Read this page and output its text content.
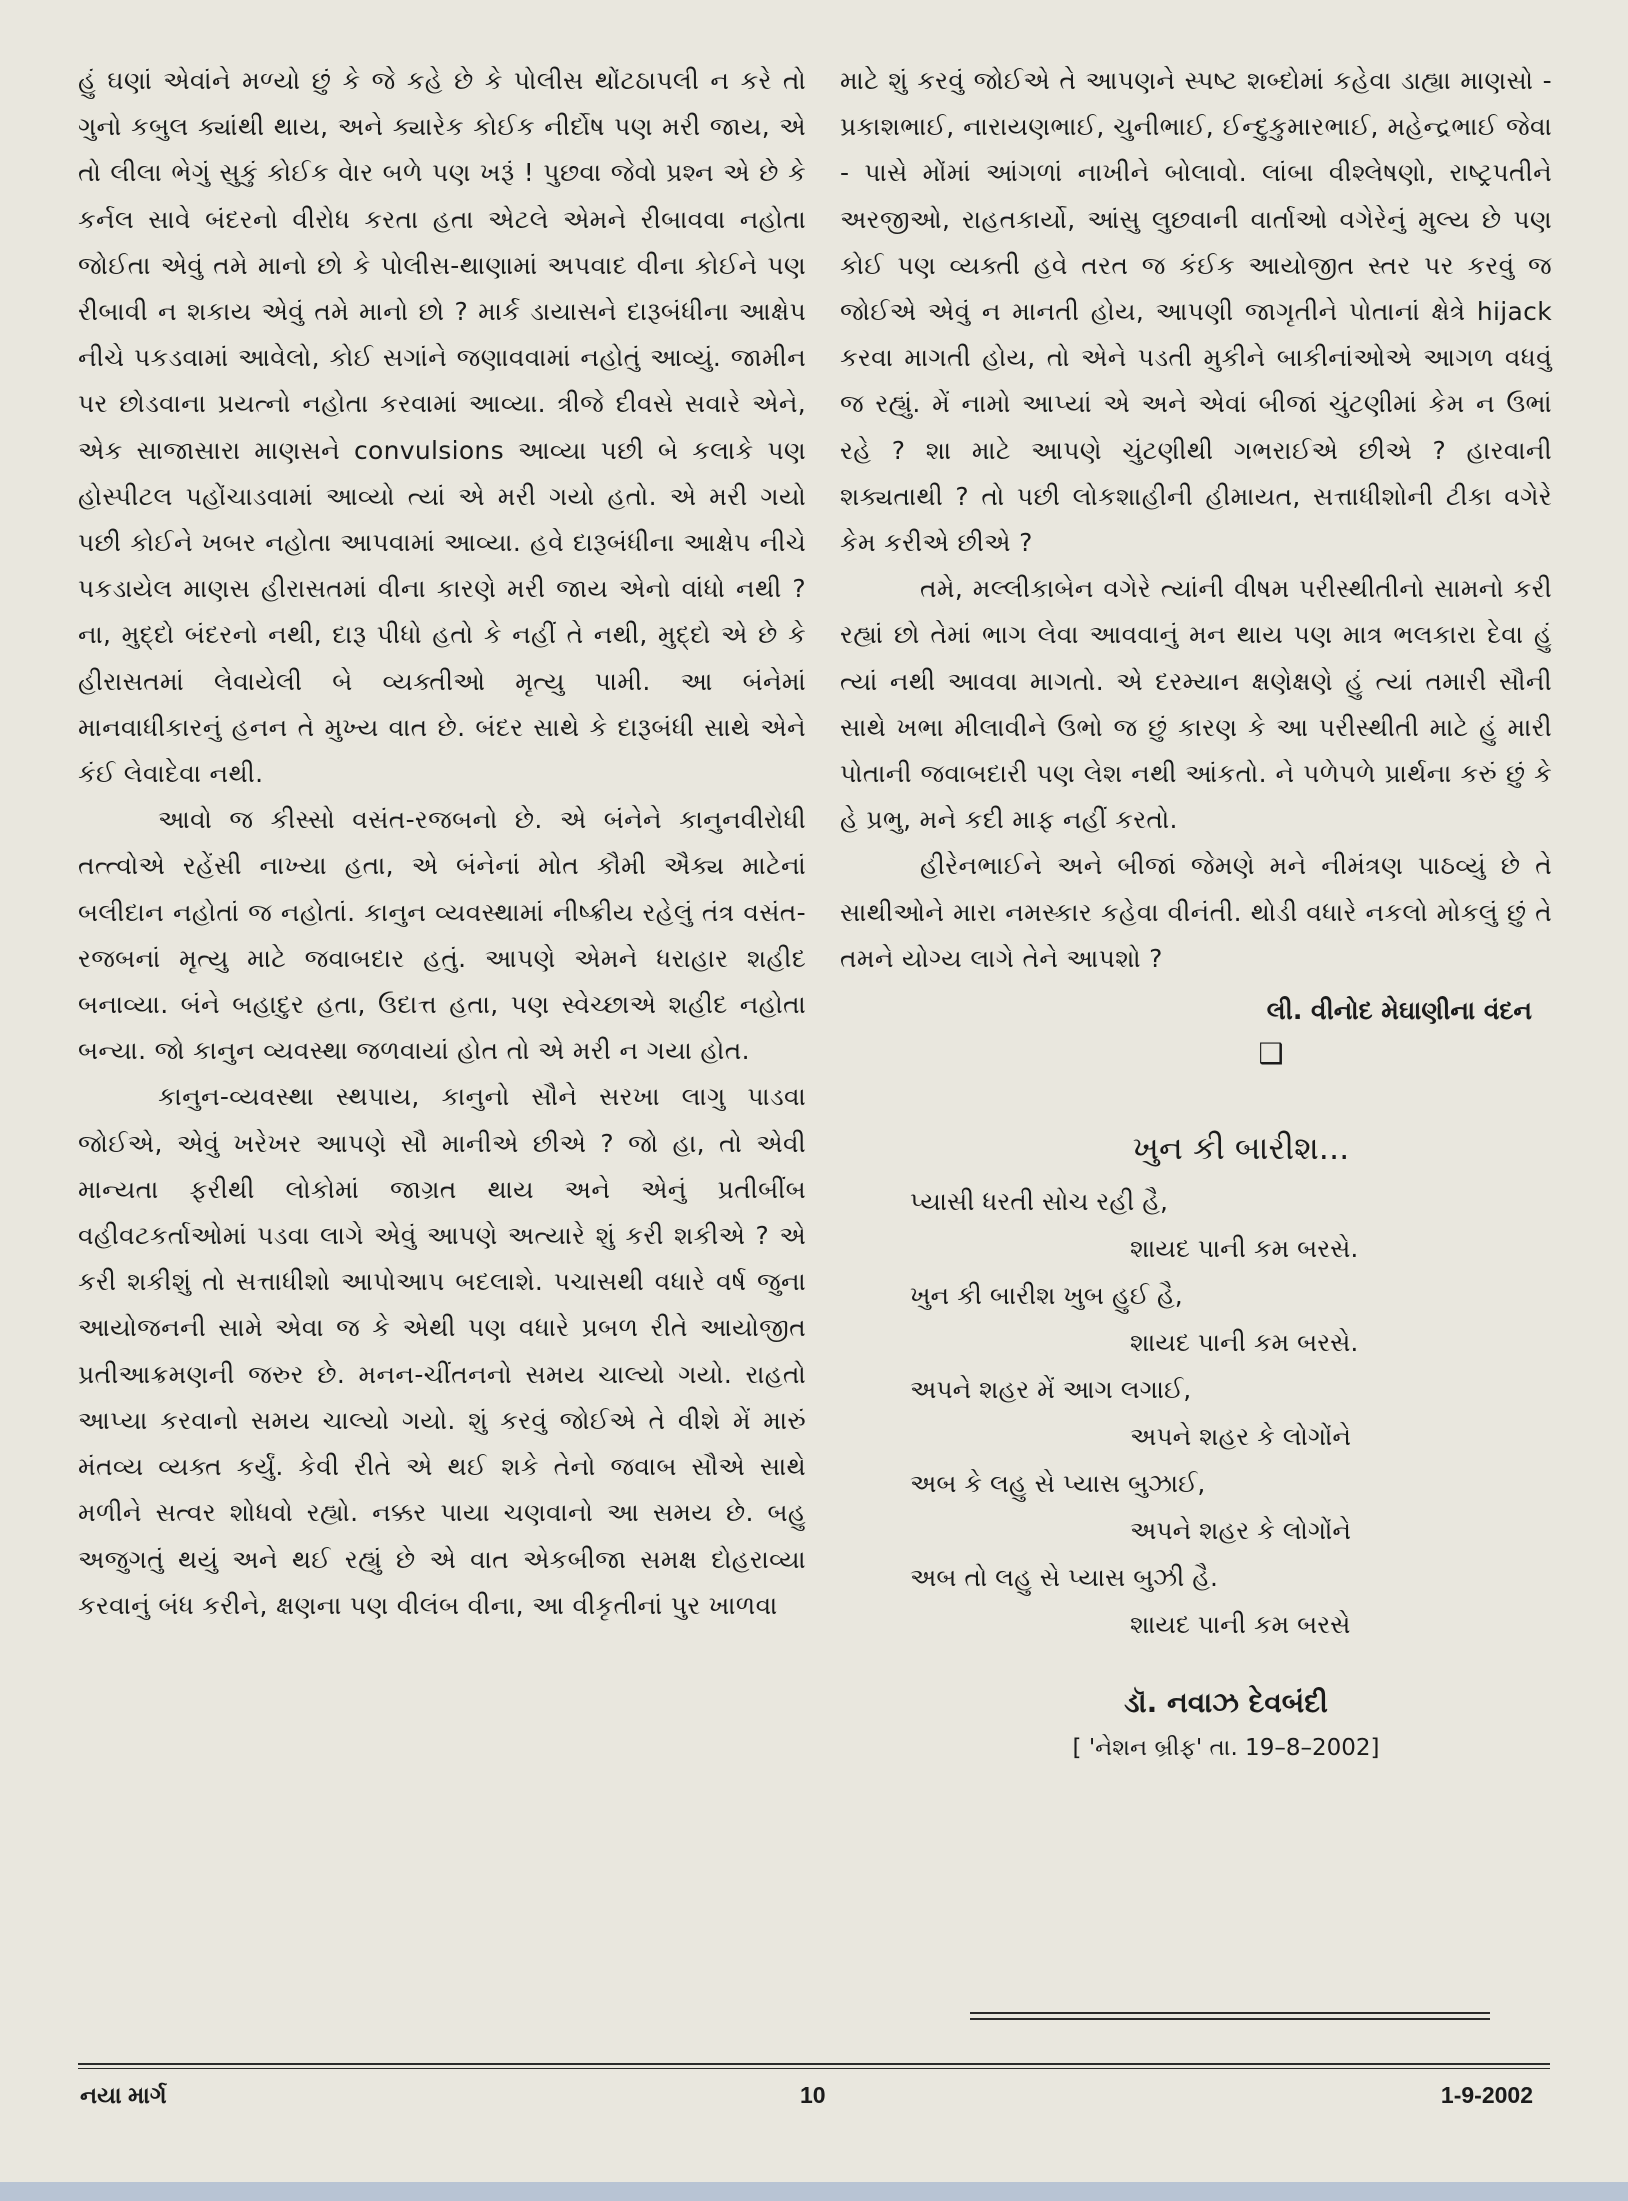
હું ઘણાં એવાંને મળ્યો છું કે જે કહે છે કે પોલીસ થોંટઠાપલી ન કરે તો ગુનો કબુલ ક્યાંથી થાય, અને ક્યારેક કોઈક નીર્દોષ પણ મરી જાય, એ તો લીલા ભેગું સુકું કોઈક વેાર બળે પણ ખરૂં ! પુછવા જેવો પ્રશ્ન એ છે કે કર્નલ સાવે બંદરનો વીરોધ કરતા હતા એટલે એમને રીબાવવા નહોતા જોઈતા એવું તમે માનો છો કે પોલીસ-થાણામાં અપવાદ વીના કોઈને પણ રીબાવી ન શકાય એવું તમે માનો છો ? માર્ક ડાયાસને દારૂબંધીના આક્ષેપ નીચે પકડવામાં આવેલો, કોઈ સગાંને જણાવવામાં નહોતું આવ્યું. જામીન પર છોડવાના પ્રયત્નો નહોતા કરવામાં આવ્યા. ત્રીજે દીવસે સવારે એને, એક સાજાસારા માણસને convulsions આવ્યા પછી બે કલાકે પણ હોસ્પીટલ પહોંચાડવામાં આવ્યો ત્યાં એ મરી ગયો હતો. એ મરી ગયો પછી કોઈને ખબર નહોતા આપવામાં આવ્યા. હવે દારૂબંધીના આક્ષેપ નીચે પકડાયેલ માણસ હીરાસતમાં વીના કારણે મરી જાય એનો વાંધો નથી ? ના, મુદ્દો બંદરનો નથી, દારૂ પીધો હતો કે નહીં તે નથી, મુદ્દો એ છે કે હીરાસતમાં લેવાયેલી બે વ્યક્તીઓ મૃત્યુ પામી. આ બંનેમાં માનવાધીકારનું હનન તે મુખ્ય વાત છે. બંદર સાથે કે દારૂબંધી સાથે એને કંઈ લેવાદેવા નથી.

આવો જ કીસ્સો વસંત-રજબનો છે. એ બંનેને કાનુનવીરોધી તત્ત્વોએ રહેંસી નાખ્યા હતા, એ બંનેનાં મોત કૌમી ઐક્ય માટેનાં બલીદાન નહોતાં જ નહોતાં. કાનુન વ્યવસ્થામાં નીષ્ક્રીય રહેલું તંત્ર વસંત-રજબનાં મૃત્યુ માટે જવાબદાર હતું. આપણે એમને ધરાહાર શહીદ બનાવ્યા. બંને બહાદુર હતા, ઉદાત્ત હતા, પણ સ્વેચ્છાએ શહીદ નહોતા બન્યા. જો કાનુન વ્યવસ્થા જળવાયાં હોત તો એ મરી ન ગયા હોત.

કાનુન-વ્યવસ્થા સ્થપાય, કાનુનો સૌને સરખા લાગુ પાડવા જોઈએ, એવું ખરેખર આપણે સૌ માનીએ છીએ ? જો હા, તો એવી માન્યતા ફરીથી લોકોમાં જાગ્રત થાય અને એનું પ્રતીબીંબ વહીવટકર્તાઓમાં પડવા લાગે એવું આપણે અત્યારે શું કરી શકીએ ? એ કરી શકીશું તો સત્તાધીશો આપોઆપ બદલાશે. પચાસથી વધારે વર્ષ જુના આયોજનની સામે એવા જ કે એથી પણ વધારે પ્રબળ રીતે આયોજીત પ્રતીઆક્રમણની જરુર છે. મનન-ચીંતનનો સમય ચાલ્યો ગયો. રાહતો આપ્યા કરવાનો સમય ચાલ્યો ગયો. શું કરવું જોઈએ તે વીશે મેં મારું મંતવ્ય વ્યક્ત કર્યું. કેવી રીતે એ થઈ શકે તેનો જવાબ સૌએ સાથે મળીને સત્વર શોધવો રહ્યો. નક્કર પાયા ચણવાનો આ સમય છે. બહુ અજુગતું થયું અને થઈ રહ્યું છે એ વાત એકબીજા સમક્ષ દોહરાવ્યા કરવાનું બંધ કરીને, ક્ષણના પણ વીલંબ વીના, આ વીકૃતીનાં પુર ખાળવા

માટે શું કરવું જોઈએ તે આપણને સ્પષ્ટ શબ્દોમાં કહેવા ડાહ્યા માણસો - પ્રકાશભાઈ, નારાયણભાઈ, ચુનીભાઈ, ઈન્દુકુમારભાઈ, મહેન્દ્રભાઈ જેવા - પાસે મોંમાં આંગળાં નાખીને બોલાવો. લાંબા વીશ્લેષણો, રાષ્ટ્રપતીને અરજીઓ, રાહતકાર્યો, આંસુ લુછવાની વાર્તાઓ વગેરેનું મુલ્ય છે પણ કોઈ પણ વ્યક્તી હવે તરત જ કંઈક આયોજીત સ્તર પર કરવું જ જોઈએ એવું ન માનતી હોય, આપણી જાગૃતીને પોતાનાં ક્ષેત્રે hijack કરવા માગતી હોય, તો એને પડતી મુકીને બાકીનાંઓએ આગળ વધવું જ રહ્યું. મેં નામો આપ્યાં એ અને એવાં બીજાં ચુંટણીમાં કેમ ન ઉભાં રહે ? શા માટે આપણે ચુંટણીથી ગભરાઈએ છીએ ? હારવાની શક્યતાથી ? તો પછી લોકશાહીની હીમાયત, સત્તાધીશોની ટીકા વગેરે કેમ કરીએ છીએ ?

તમે, મલ્લીકાબેન વગેરે ત્યાંની વીષમ પરીસ્થીતીનો સામનો કરી રહ્યાં છો તેમાં ભાગ લેવા આવવાનું મન થાય પણ માત્ર ભલકારા દેવા હું ત્યાં નથી આવવા માગતો. એ દરમ્યાન ક્ષણેક્ષણે હું ત્યાં તમારી સૌની સાથે ખભા મીલાવીને ઉભો જ છું કારણ કે આ પરીસ્થીતી માટે હું મારી પોતાની જવાબદારી પણ લેશ નથી આંકતો. ને પળેપળે પ્રાર્થના કરું છું કે હે પ્રભુ, મને કદી માફ નહીં કરતો.

હીરેનભાઈને અને બીજાં જેમણે મને નીમંત્રણ પાઠવ્યું છે તે સાથીઓને મારા નમસ્કાર કહેવા વીનંતી. થોડી વધારે નકલો મોકલું છું તે તમને યોગ્ય લાગે તેને આપશો ?

લી. વીનોદ મેઘાણીના વંદન

❑

ખુન કી બારીશ...

પ્યાસી ધરતી સોચ રહી હૈ,

શાયદ પાની કમ બરસે.

ખુન કી બારીશ ખુબ હુઈ હૈ,

શાયદ પાની કમ બરસે.

અપને શહર મેં આગ લગાઈ,

અપને શહર કે લોગોંને

અબ કે લહુ સે પ્યાસ બુઝાઈ,

અપને શહર કે લોગોંને

અબ તો લહુ સે પ્યાસ બુઝી હૈ.

શાયદ પાની કમ બરસે

ડૉ. નવાઝ દેવબંદી

[ 'નેશન બ્રીફ' તા. 19–8–2002]

નયા માર્ગ	10	1-9-2002
